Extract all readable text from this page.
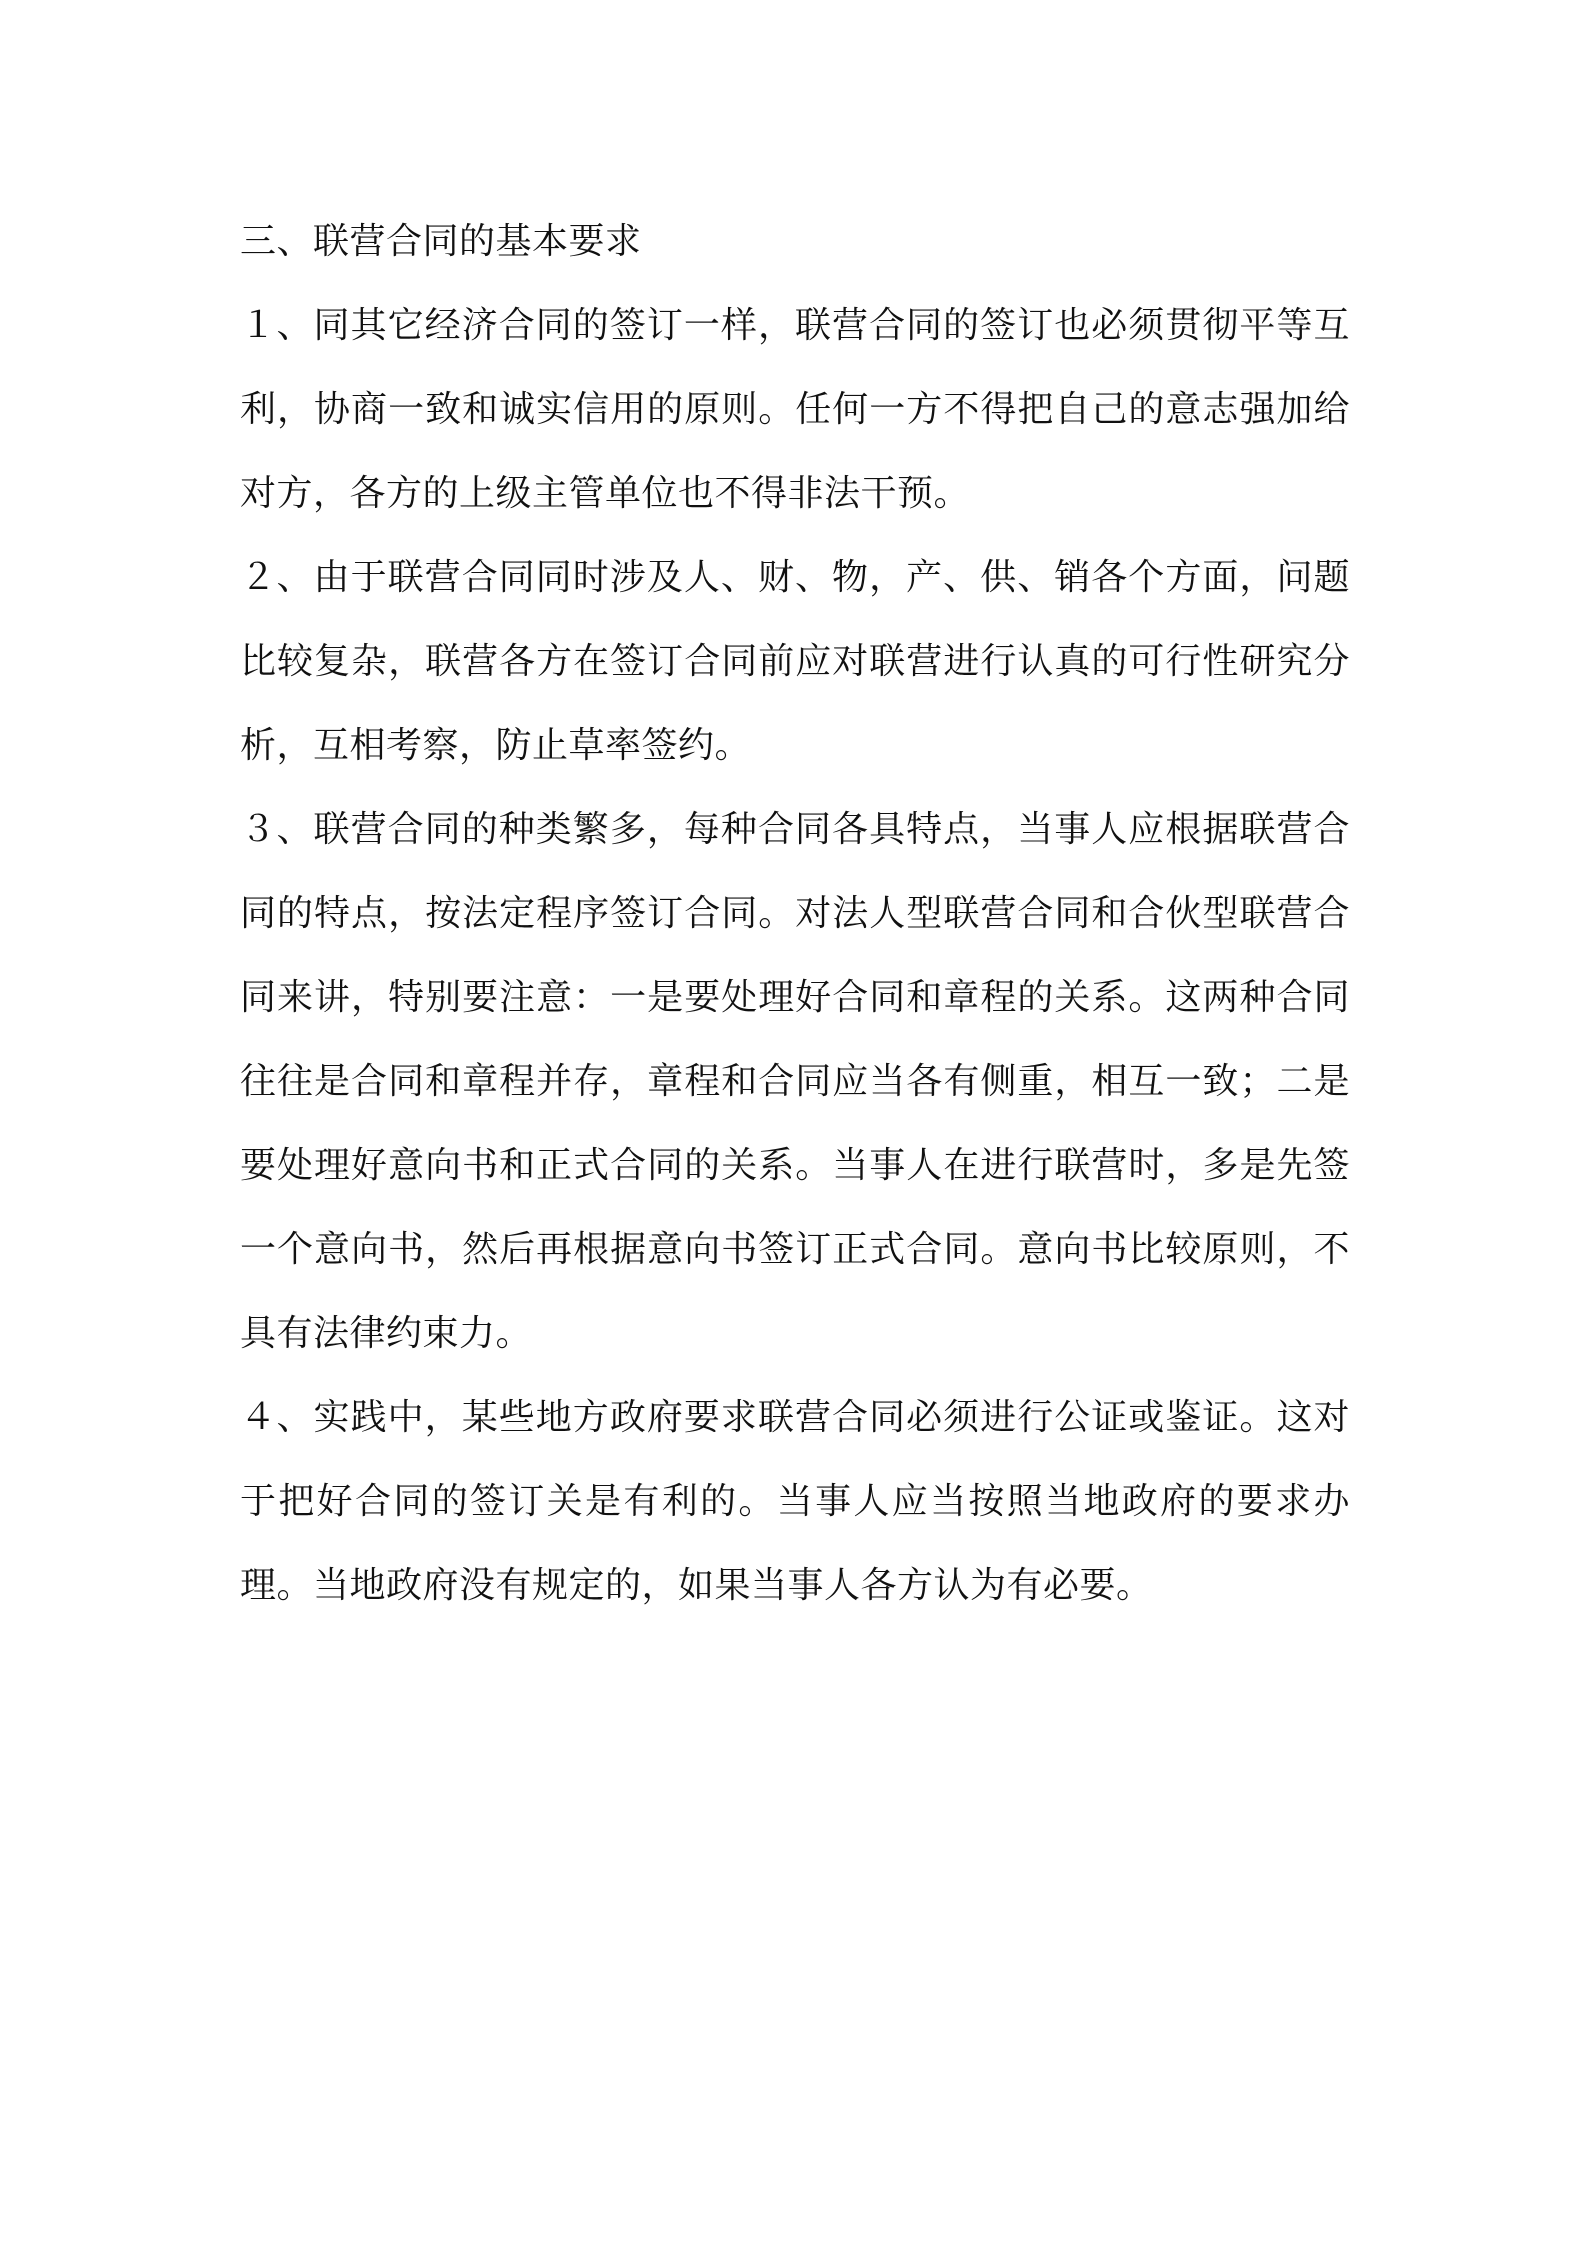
三、联营合同的基本要求

１、同其它经济合同的签订一样，联营合同的签订也必须贯彻平等互利，协商一致和诚实信用的原则。任何一方不得把自己的意志强加给对方，各方的上级主管单位也不得非法干预。

２、由于联营合同同时涉及人、财、物，产、供、销各个方面，问题比较复杂，联营各方在签订合同前应对联营进行认真的可行性研究分析，互相考察，防止草率签约。

３、联营合同的种类繁多，每种合同各具特点，当事人应根据联营合同的特点，按法定程序签订合同。对法人型联营合同和合伙型联营合同来讲，特别要注意：一是要处理好合同和章程的关系。这两种合同往往是合同和章程并存，章程和合同应当各有侧重，相互一致；二是要处理好意向书和正式合同的关系。当事人在进行联营时，多是先签一个意向书，然后再根据意向书签订正式合同。意向书比较原则，不具有法律约束力。

４、实践中，某些地方政府要求联营合同必须进行公证或鉴证。这对于把好合同的签订关是有利的。当事人应当按照当地政府的要求办理。当地政府没有规定的，如果当事人各方认为有必要。
